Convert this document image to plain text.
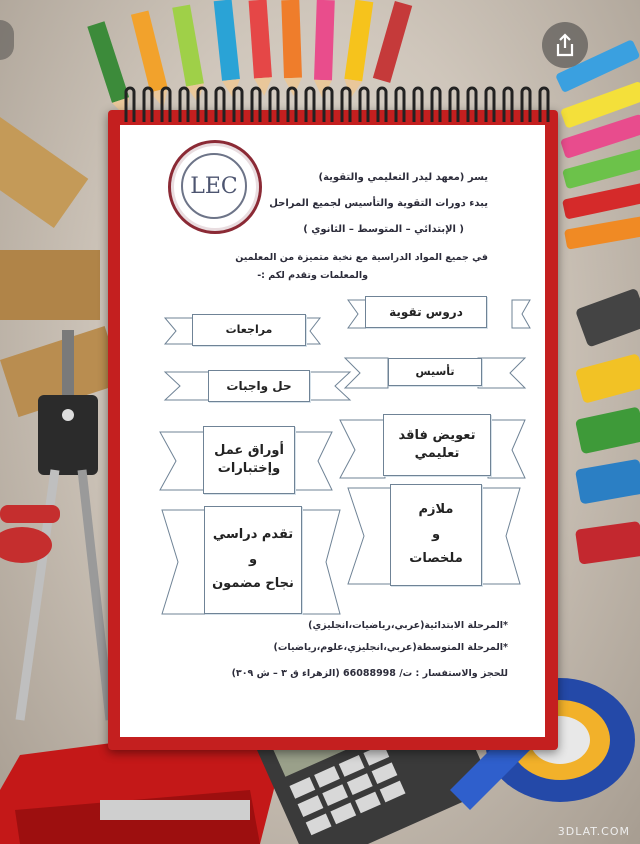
LEC	يسر (معهد ليدر التعليمي والتقوية)
يبدء دورات التقوية والتأسيس لجميع المراحل
( الإبتدائي – المتوسط – الثانوي )
في جميع المواد الدراسية مع نخبة متميزة من المعلمين
والمعلمات وتقدم لكم :-
دروس تقوية
مراجعات
تأسيس
حل واجبات
تعويض فاقد
تعليمي
أوراق عمل
وإختبارات
ملازم
و
ملخصات
تقدم دراسي
و
نجاح مضمون
*المرحلة الابتدائية(عربي،رياضيات،انجليزي)
*المرحلة المتوسطة(عربي،انجليزي،علوم،رياضيات)
للحجز والاستفسار : ت/ 66088998 (الزهراء ق ٣ – ش ٣٠٩)
3DLAT.COM
